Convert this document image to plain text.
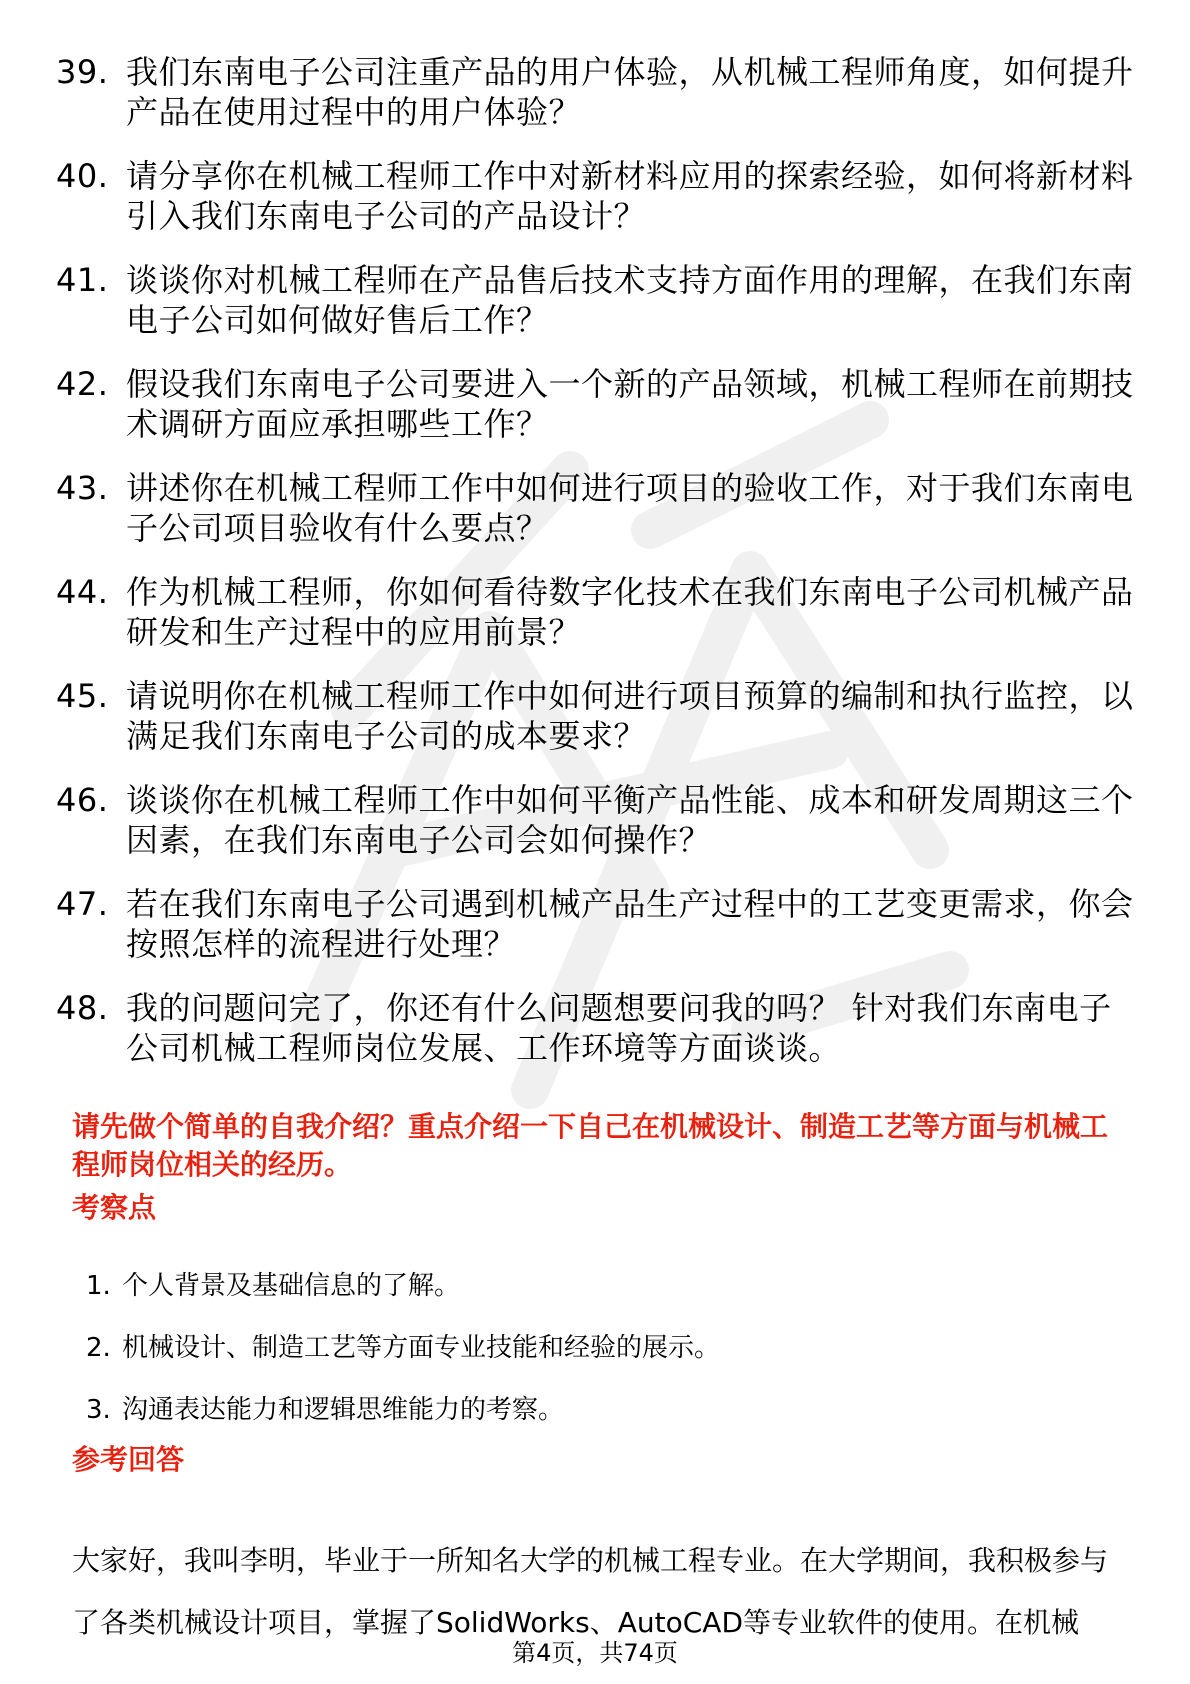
39. 我们东南电子公司注重产品的用户体验，从机械工程师角度，如何提升产品在使用过程中的用户体验？
40. 请分享你在机械工程师工作中对新材料应用的探索经验，如何将新材料引入我们东南电子公司的产品设计？
41. 谈谈你对机械工程师在产品售后技术支持方面作用的理解，在我们东南电子公司如何做好售后工作？
42. 假设我们东南电子公司要进入一个新的产品领域，机械工程师在前期技术调研方面应承担哪些工作？
43. 讲述你在机械工程师工作中如何进行项目的验收工作，对于我们东南电子公司项目验收有什么要点？
44. 作为机械工程师，你如何看待数字化技术在我们东南电子公司机械产品研发和生产过程中的应用前景？
45. 请说明你在机械工程师工作中如何进行项目预算的编制和执行监控，以满足我们东南电子公司的成本要求？
46. 谈谈你在机械工程师工作中如何平衡产品性能、成本和研发周期这三个因素，在我们东南电子公司会如何操作？
47. 若在我们东南电子公司遇到机械产品生产过程中的工艺变更需求，你会按照怎样的流程进行处理？
48. 我的问题问完了，你还有什么问题想要问我的吗？ 针对我们东南电子公司机械工程师岗位发展、工作环境等方面谈谈。
请先做个简单的自我介绍？重点介绍一下自己在机械设计、制造工艺等方面与机械工程师岗位相关的经历。
考察点
1. 个人背景及基础信息的了解。
2. 机械设计、制造工艺等方面专业技能和经验的展示。
3. 沟通表达能力和逻辑思维能力的考察。
参考回答
大家好，我叫李明，毕业于一所知名大学的机械工程专业。在大学期间，我积极参与了各类机械设计项目，掌握了SolidWorks、AutoCAD等专业软件的使用。在机械
第4页，共74页
